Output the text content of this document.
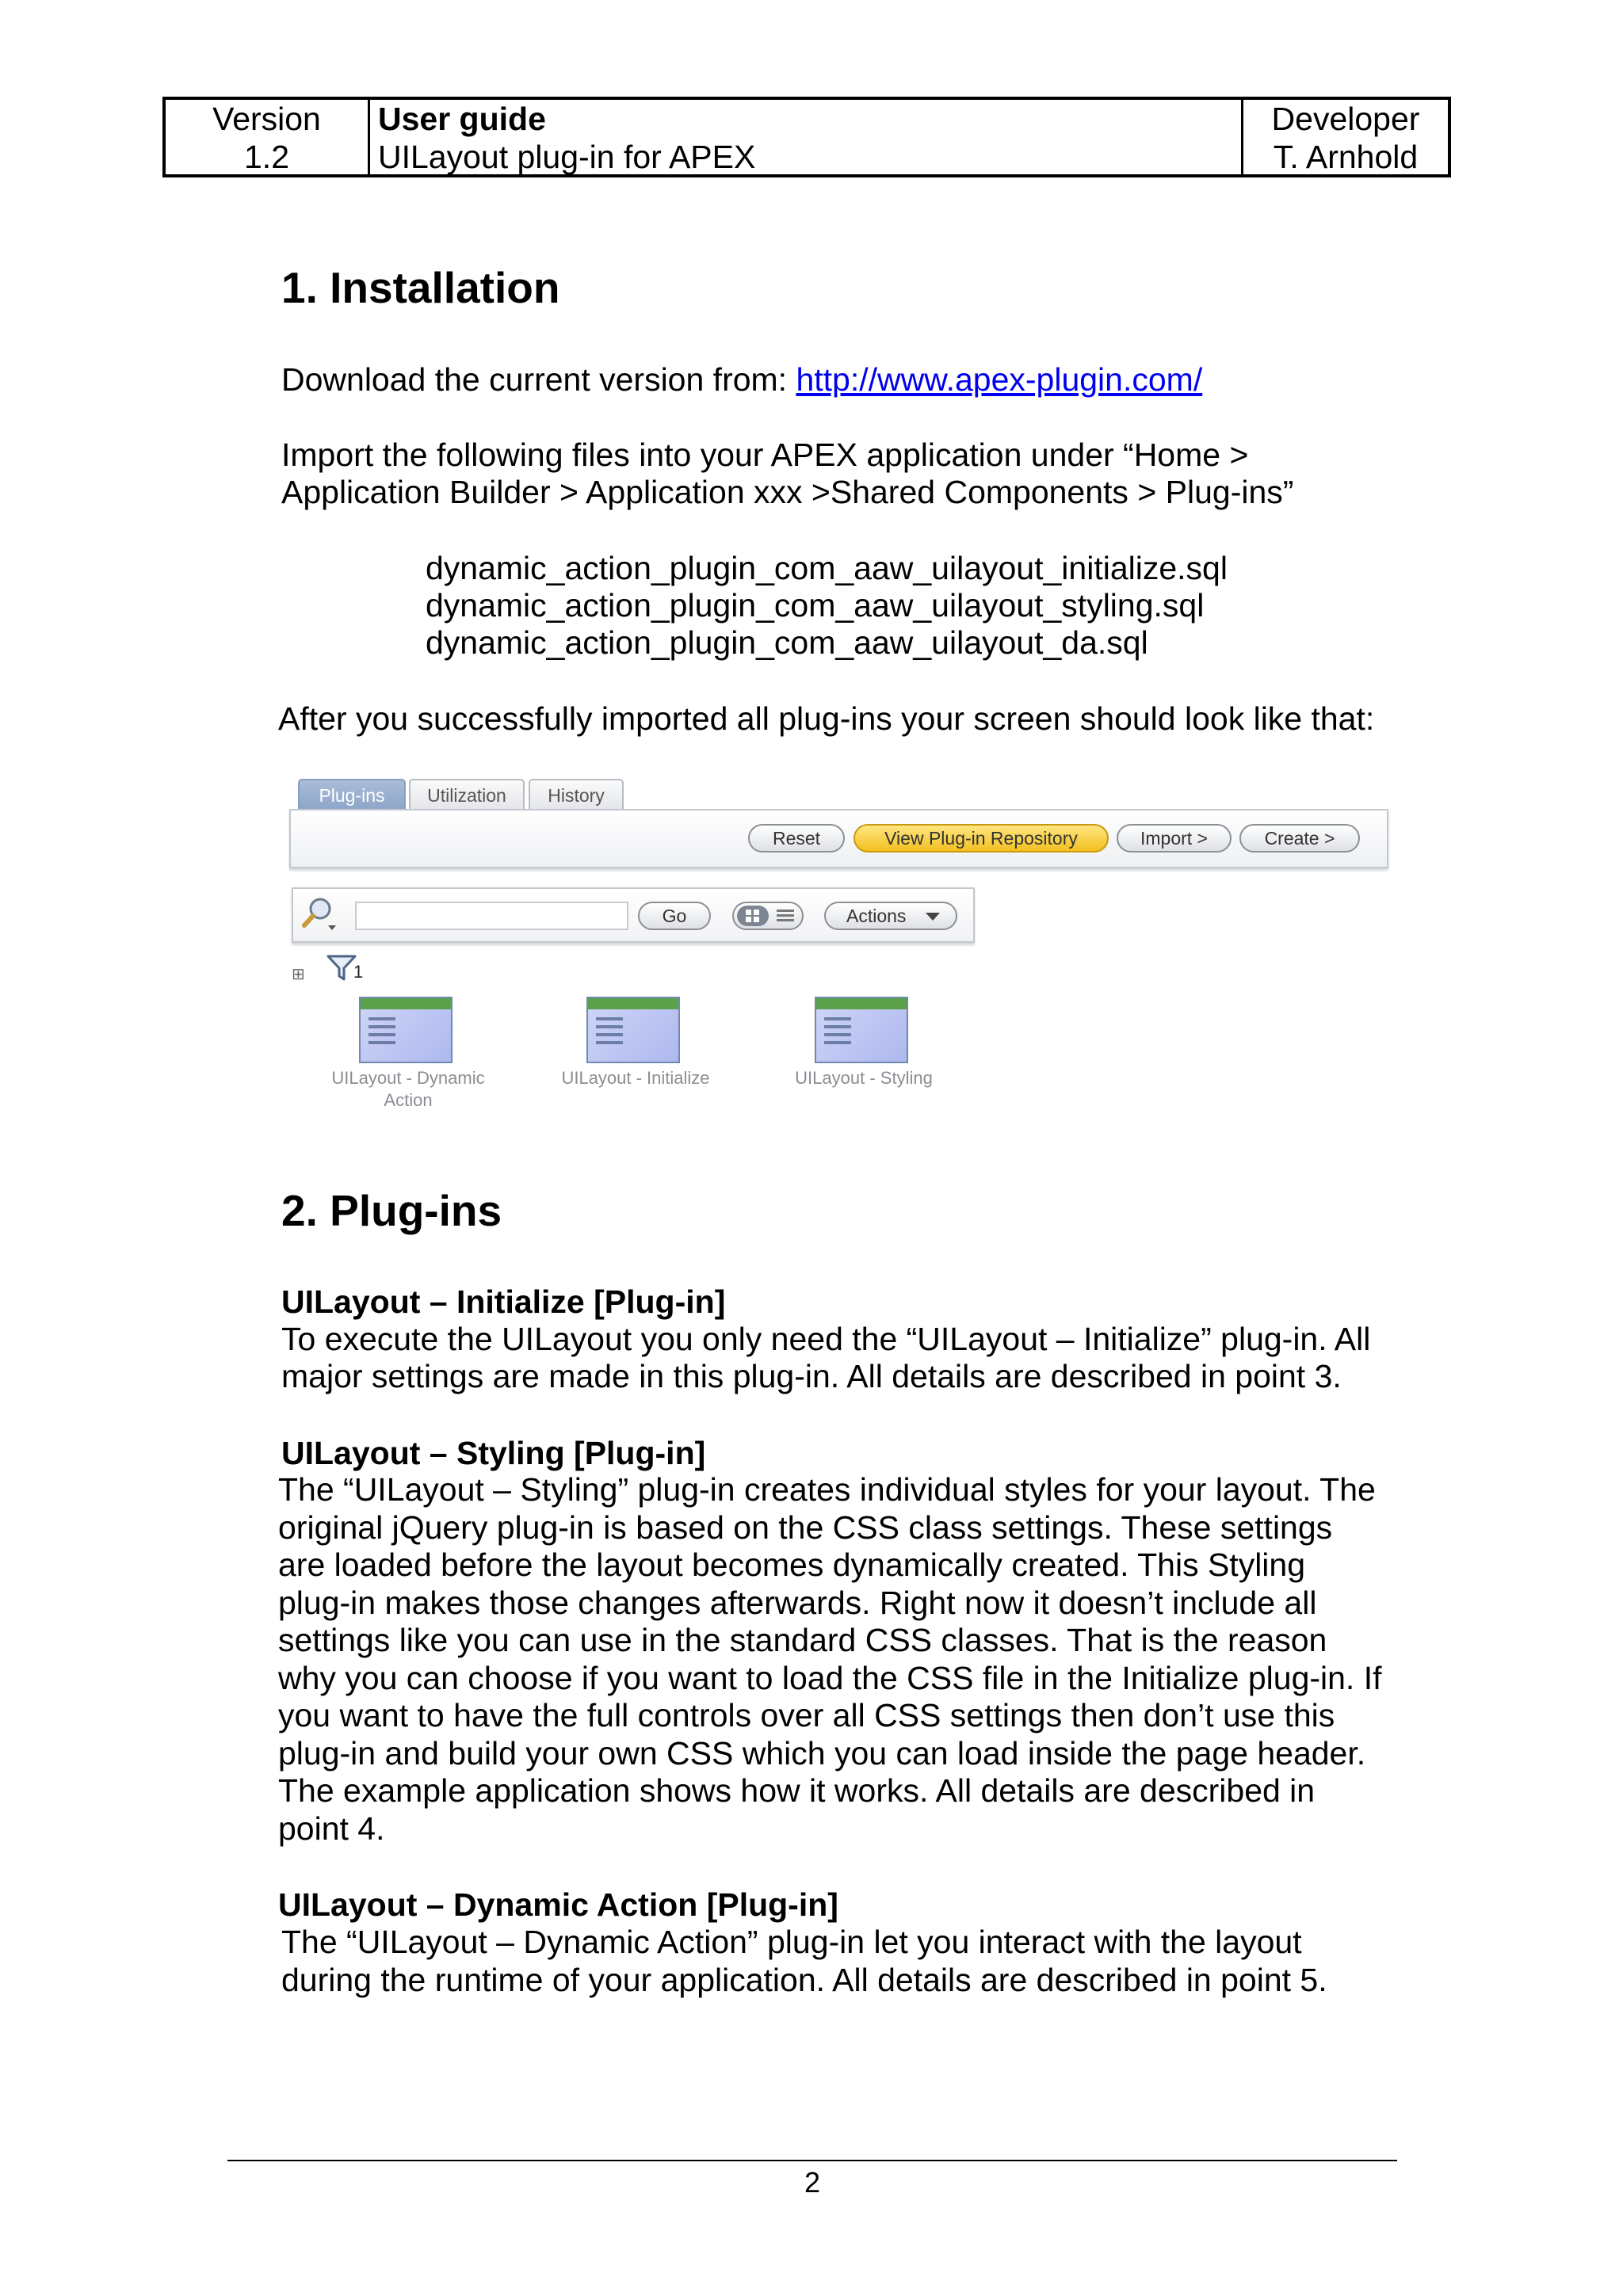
Version
1.2
User guide
UILayout plug-in for APEX
Developer
T. Arnhold
1. Installation
Download the current version from: http://www.apex-plugin.com/
Import the following files into your APEX application under “Home >
Application Builder > Application xxx >Shared Components > Plug-ins”
dynamic_action_plugin_com_aaw_uilayout_initialize.sql
dynamic_action_plugin_com_aaw_uilayout_styling.sql
dynamic_action_plugin_com_aaw_uilayout_da.sql
After you successfully imported all plug-ins your screen should look like that:
Plug-ins	Utilization	History
Reset	View Plug-in Repository	Import >	Create >
Go	Actions
⊞	1
UILayout - Dynamic
Action
UILayout - Initialize	UILayout - Styling
2. Plug-ins
UILayout – Initialize [Plug-in]
To execute the UILayout you only need the “UILayout – Initialize” plug-in. All
major settings are made in this plug-in. All details are described in point 3.
UILayout – Styling [Plug-in]
The “UILayout – Styling” plug-in creates individual styles for your layout. The
original jQuery plug-in is based on the CSS class settings. These settings
are loaded before the layout becomes dynamically created. This Styling
plug-in makes those changes afterwards. Right now it doesn’t include all
settings like you can use in the standard CSS classes. That is the reason
why you can choose if you want to load the CSS file in the Initialize plug-in. If
you want to have the full controls over all CSS settings then don’t use this
plug-in and build your own CSS which you can load inside the page header.
The example application shows how it works. All details are described in
point 4.
UILayout – Dynamic Action [Plug-in]
The “UILayout – Dynamic Action” plug-in let you interact with the layout
during the runtime of your application. All details are described in point 5.
2
